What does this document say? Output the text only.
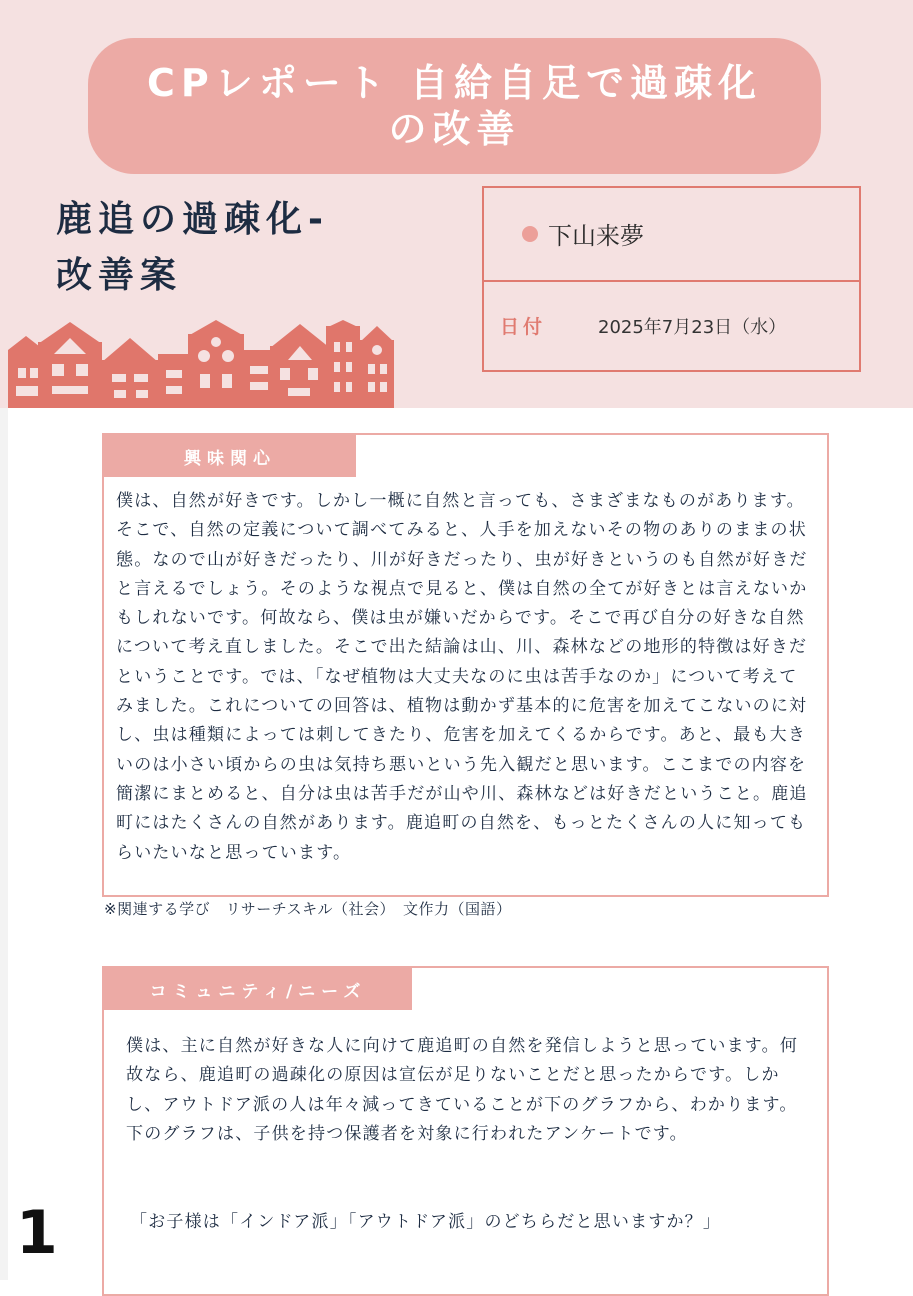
CPレポート 自給自足で過疎化の改善
鹿追の過疎化-改善案
下山来夢
日付	2025年7月23日（水）
興味関心
僕は、自然が好きです。しかし一概に自然と言っても、さまざまなものがあります。そこで、自然の定義について調べてみると、人手を加えないその物のありのままの状態。なので山が好きだったり、川が好きだったり、虫が好きというのも自然が好きだと言えるでしょう。そのような視点で見ると、僕は自然の全てが好きとは言えないかもしれないです。何故なら、僕は虫が嫌いだからです。そこで再び自分の好きな自然について考え直しました。そこで出た結論は山、川、森林などの地形的特徴は好きだということです。では、「なぜ植物は大丈夫なのに虫は苦手なのか」について考えてみました。これについての回答は、植物は動かず基本的に危害を加えてこないのに対し、虫は種類によっては刺してきたり、危害を加えてくるからです。あと、最も大きいのは小さい頃からの虫は気持ち悪いという先入観だと思います。ここまでの内容を簡潔にまとめると、自分は虫は苦手だが山や川、森林などは好きだということ。鹿追町にはたくさんの自然があります。鹿追町の自然を、もっとたくさんの人に知ってもらいたいなと思っています。
※関連する学び　リサーチスキル（社会）　文作力（国語）
コミュニティ/ニーズ
僕は、主に自然が好きな人に向けて鹿追町の自然を発信しようと思っています。何故なら、鹿追町の過疎化の原因は宣伝が足りないことだと思ったからです。しかし、アウトドア派の人は年々減ってきていることが下のグラフから、わかります。下のグラフは、子供を持つ保護者を対象に行われたアンケートです。
「お子様は「インドア派」「アウトドア派」のどちらだと思いますか？」
1
